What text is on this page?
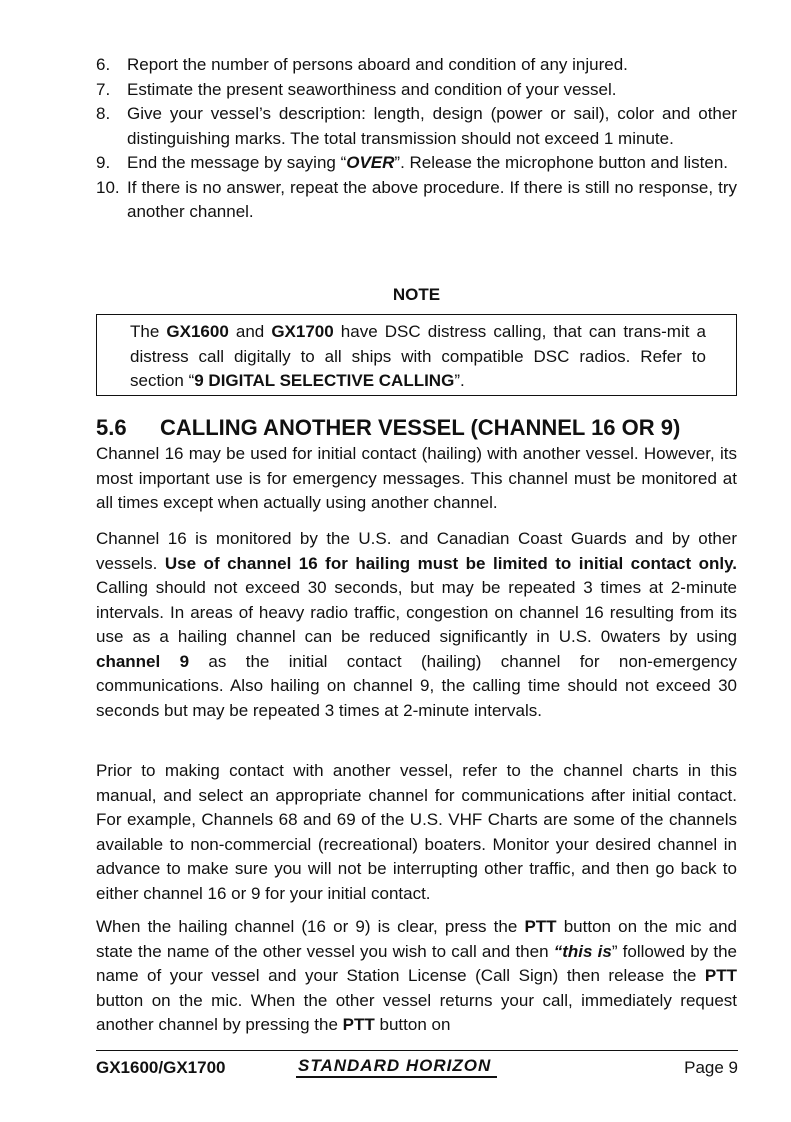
6. Report the number of persons aboard and condition of any injured.
7. Estimate the present seaworthiness and condition of your vessel.
8. Give your vessel’s description: length, design (power or sail), color and other distinguishing marks. The total transmission should not exceed 1 minute.
9. End the message by saying “OVER”. Release the microphone button and listen.
10. If there is no answer, repeat the above procedure. If there is still no response, try another channel.
NOTE
The GX1600 and GX1700 have DSC distress calling, that can trans-mit a distress call digitally to all ships with compatible DSC radios. Refer to section “9 DIGITAL SELECTIVE CALLING”.
5.6 CALLING ANOTHER VESSEL (CHANNEL 16 OR 9)

Channel 16 may be used for initial contact (hailing) with another vessel. However, its most important use is for emergency messages. This channel must be monitored at all times except when actually using another channel.

Channel 16 is monitored by the U.S. and Canadian Coast Guards and by other vessels. Use of channel 16 for hailing must be limited to initial contact only. Calling should not exceed 30 seconds, but may be repeated 3 times at 2-minute intervals. In areas of heavy radio traffic, congestion on channel 16 resulting from its use as a hailing channel can be reduced significantly in U.S. 0waters by using channel 9 as the initial contact (hailing) channel for non-emergency communications. Also hailing on channel 9, the calling time should not exceed 30 seconds but may be repeated 3 times at 2-minute intervals.

Prior to making contact with another vessel, refer to the channel charts in this manual, and select an appropriate channel for communications after initial contact. For example, Channels 68 and 69 of the U.S. VHF Charts are some of the channels available to non-commercial (recreational) boaters. Monitor your desired channel in advance to make sure you will not be interrupting other traffic, and then go back to either channel 16 or 9 for your initial contact.

When the hailing channel (16 or 9) is clear, press the PTT button on the mic and state the name of the other vessel you wish to call and then “this is” followed by the name of your vessel and your Station License (Call Sign) then release the PTT button on the mic. When the other vessel returns your call, immediately request another channel by pressing the PTT button on

GX1600/GX1700	STANDARD HORIZON	Page 9
